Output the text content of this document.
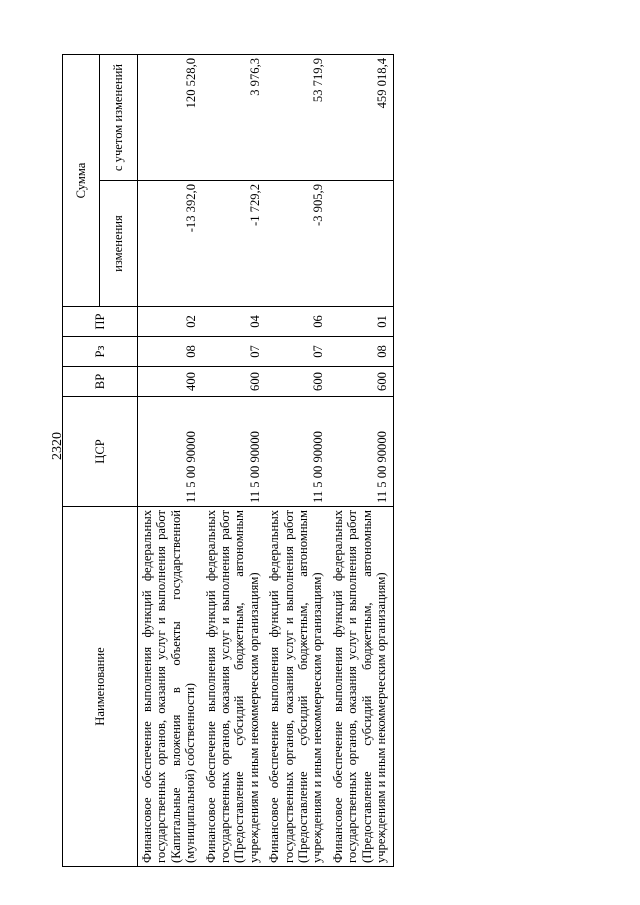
2320
Наименование	ЦСР	ВР	Рз	ПР	Сумма	
					изменения	с учетом изменений
Финансовое обеспечение выполнения функций федеральных государственных органов, оказания услуг и выполнения работ (Капитальные вложения в объекты государственной (муниципальной) собственности)	11 5 00 90000	400	08	02	-13 392,0	120 528,0
Финансовое обеспечение выполнения функций федеральных государственных органов, оказания услуг и выполнения работ (Предоставление субсидий бюджетным, автономным учреждениям и иным некоммерческим организациям)	11 5 00 90000	600	07	04	-1 729,2	3 976,3
Финансовое обеспечение выполнения функций федеральных государственных органов, оказания услуг и выполнения работ (Предоставление субсидий бюджетным, автономным учреждениям и иным некоммерческим организациям)	11 5 00 90000	600	07	06	-3 905,9	53 719,9
Финансовое обеспечение выполнения функций федеральных государственных органов, оказания услуг и выполнения работ (Предоставление субсидий бюджетным, автономным учреждениям и иным некоммерческим организациям)	11 5 00 90000	600	08	01		459 018,4
